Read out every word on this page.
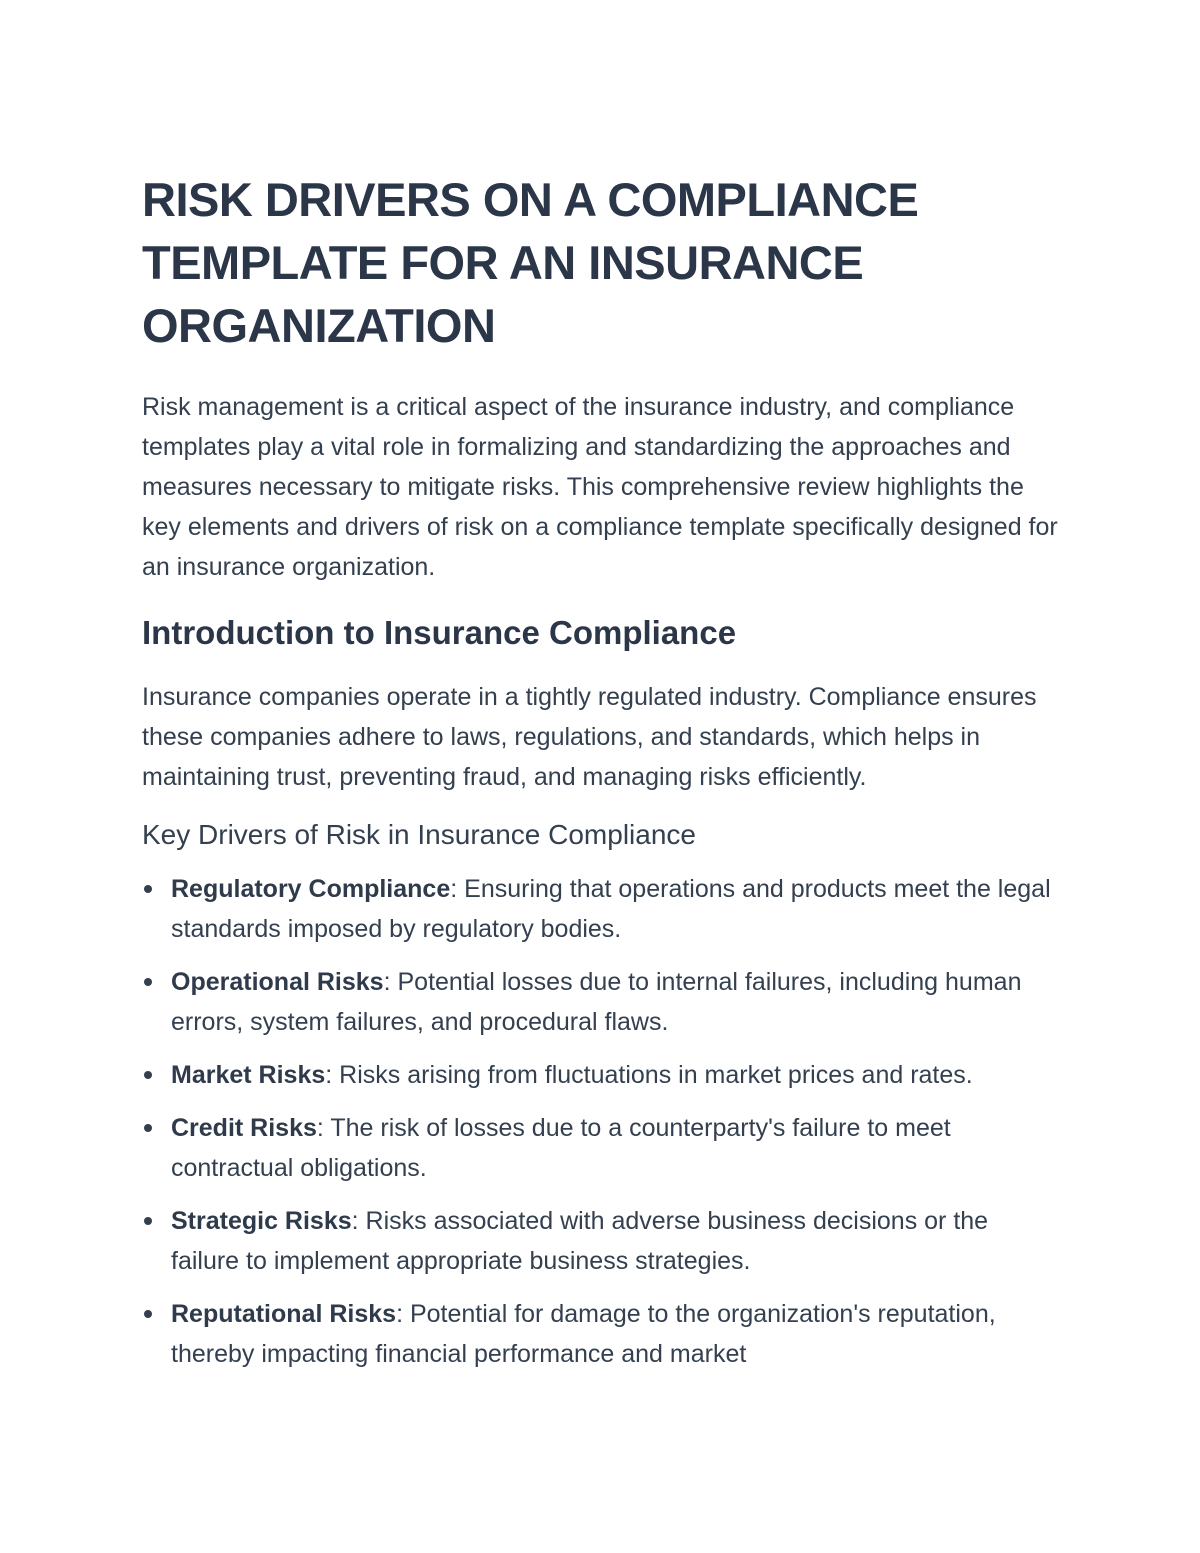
RISK DRIVERS ON A COMPLIANCE TEMPLATE FOR AN INSURANCE ORGANIZATION

Risk management is a critical aspect of the insurance industry, and compliance templates play a vital role in formalizing and standardizing the approaches and measures necessary to mitigate risks. This comprehensive review highlights the key elements and drivers of risk on a compliance template specifically designed for an insurance organization.

Introduction to Insurance Compliance

Insurance companies operate in a tightly regulated industry. Compliance ensures these companies adhere to laws, regulations, and standards, which helps in maintaining trust, preventing fraud, and managing risks efficiently.

Key Drivers of Risk in Insurance Compliance
Regulatory Compliance: Ensuring that operations and products meet the legal standards imposed by regulatory bodies.
Operational Risks: Potential losses due to internal failures, including human errors, system failures, and procedural flaws.
Market Risks: Risks arising from fluctuations in market prices and rates.
Credit Risks: The risk of losses due to a counterparty's failure to meet contractual obligations.
Strategic Risks: Risks associated with adverse business decisions or the failure to implement appropriate business strategies.
Reputational Risks: Potential for damage to the organization's reputation, thereby impacting financial performance and market
